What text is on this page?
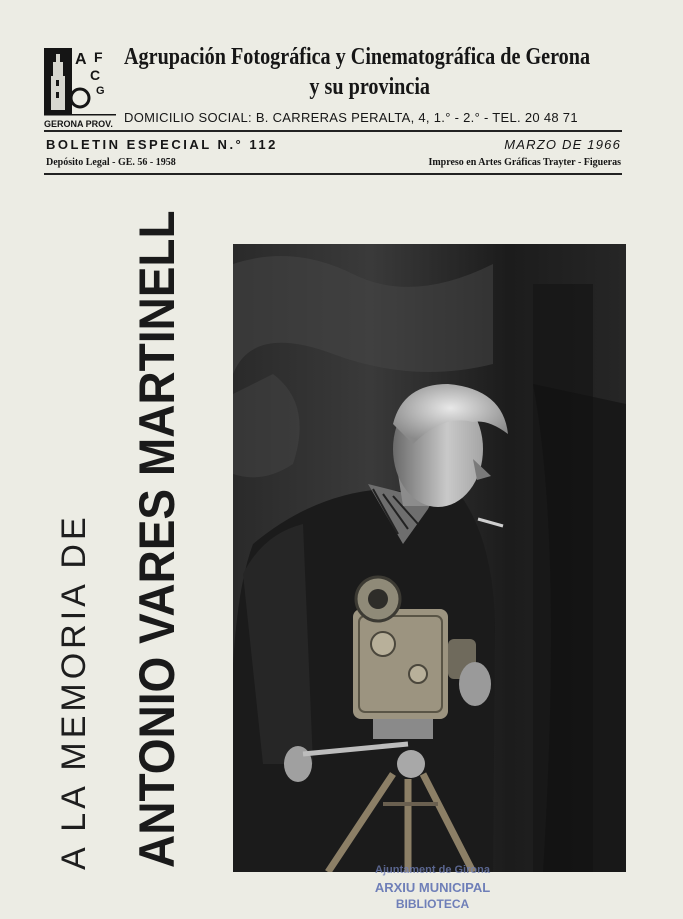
A F
C
G
GERONA PROV.
Agrupación Fotográfica y Cinematográfica de Gerona
y su provincia
DOMICILIO SOCIAL: B. CARRERAS PERALTA, 4, 1.° - 2.° - TEL. 20 48 71
BOLETIN ESPECIAL N.° 112	MARZO DE 1966
Depósito Legal - GE. 56 - 1958	Impreso en Artes Gráficas Trayter - Figueras
A LA MEMORIA DE ANTONIO VARES MARTINELL
Ajuntament de Girona
ARXIU MUNICIPAL
BIBLIOTECA
